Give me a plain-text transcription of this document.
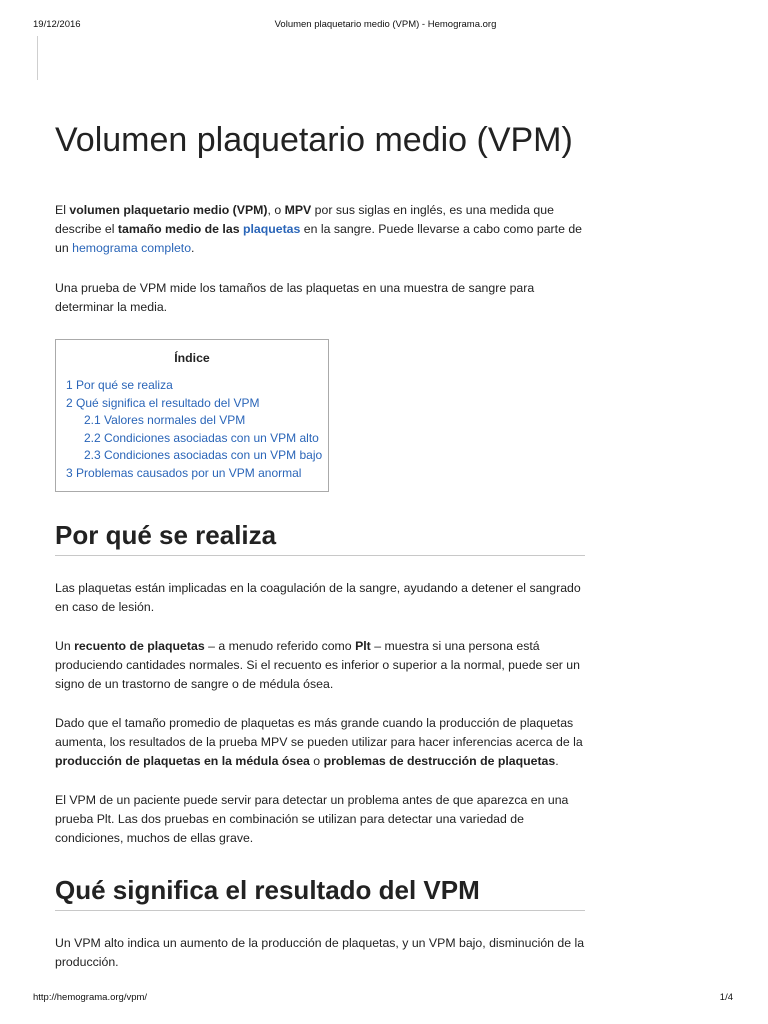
19/12/2016	Volumen plaquetario medio (VPM) - Hemograma.org
Volumen plaquetario medio (VPM)

El volumen plaquetario medio (VPM), o MPV por sus siglas en inglés, es una medida que describe el tamaño medio de las plaquetas en la sangre. Puede llevarse a cabo como parte de un hemograma completo.

Una prueba de VPM mide los tamaños de las plaquetas en una muestra de sangre para determinar la media.

Índice
1 Por qué se realiza
2 Qué significa el resultado del VPM
2.1 Valores normales del VPM
2.2 Condiciones asociadas con un VPM alto
2.3 Condiciones asociadas con un VPM bajo
3 Problemas causados por un VPM anormal
Por qué se realiza

Las plaquetas están implicadas en la coagulación de la sangre, ayudando a detener el sangrado en caso de lesión.

Un recuento de plaquetas – a menudo referido como Plt – muestra si una persona está produciendo cantidades normales. Si el recuento es inferior o superior a la normal, puede ser un signo de un trastorno de sangre o de médula ósea.

Dado que el tamaño promedio de plaquetas es más grande cuando la producción de plaquetas aumenta, los resultados de la prueba MPV se pueden utilizar para hacer inferencias acerca de la producción de plaquetas en la médula ósea o problemas de destrucción de plaquetas.

El VPM de un paciente puede servir para detectar un problema antes de que aparezca en una prueba Plt. Las dos pruebas en combinación se utilizan para detectar una variedad de condiciones, muchos de ellas grave.

Qué significa el resultado del VPM

Un VPM alto indica un aumento de la producción de plaquetas, y un VPM bajo, disminución de la producción.

http://hemograma.org/vpm/	1/4
